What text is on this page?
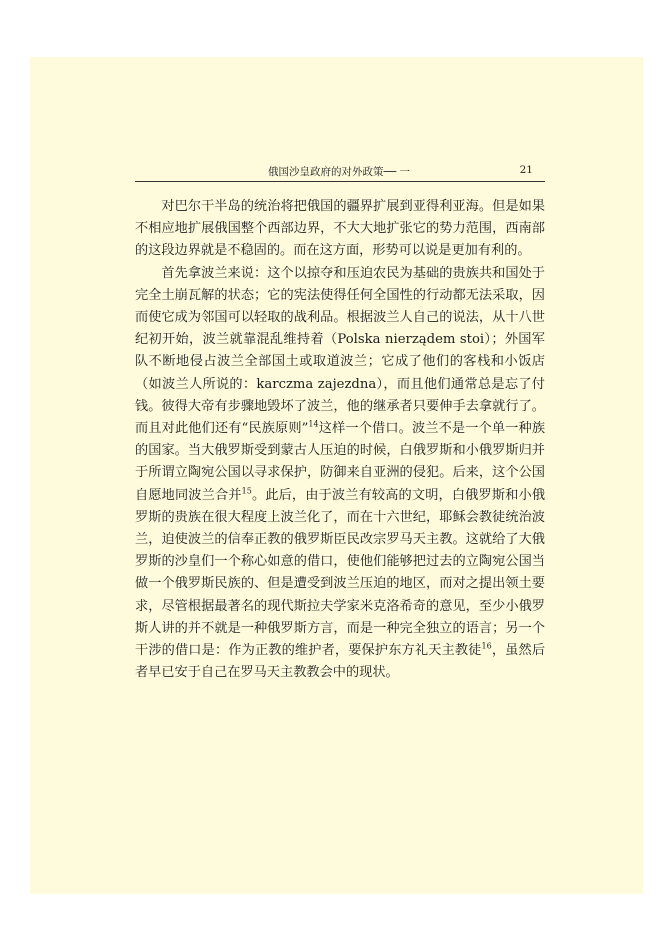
俄国沙皇政府的对外政策── 一	21

对巴尔干半岛的统治将把俄国的疆界扩展到亚得利亚海。但是如果不相应地扩展俄国整个西部边界，不大大地扩张它的势力范围，西南部的这段边界就是不稳固的。而在这方面，形势可以说是更加有利的。

首先拿波兰来说：这个以掠夺和压迫农民为基础的贵族共和国处于完全土崩瓦解的状态；它的宪法使得任何全国性的行动都无法采取，因而使它成为邻国可以轻取的战利品。根据波兰人自己的说法，从十八世纪初开始，波兰就靠混乱维持着（Polska nierządem stoi）；外国军队不断地侵占波兰全部国土或取道波兰；它成了他们的客栈和小饭店（如波兰人所说的：karczma zajezdna），而且他们通常总是忘了付钱。彼得大帝有步骤地毁坏了波兰，他的继承者只要伸手去拿就行了。而且对此他们还有“民族原则”$^{14}$这样一个借口。波兰不是一个单一种族的国家。当大俄罗斯受到蒙古人压迫的时候，白俄罗斯和小俄罗斯归并于所谓立陶宛公国以寻求保护，防御来自亚洲的侵犯。后来，这个公国自愿地同波兰合并$^{15}$。此后，由于波兰有较高的文明，白俄罗斯和小俄罗斯的贵族在很大程度上波兰化了，而在十六世纪，耶稣会教徒统治波兰，迫使波兰的信奉正教的俄罗斯臣民改宗罗马天主教。这就给了大俄罗斯的沙皇们一个称心如意的借口，使他们能够把过去的立陶宛公国当做一个俄罗斯民族的、但是遭受到波兰压迫的地区，而对之提出领土要求，尽管根据最著名的现代斯拉夫学家米克洛希奇的意见，至少小俄罗斯人讲的并不就是一种俄罗斯方言，而是一种完全独立的语言；另一个干涉的借口是：作为正教的维护者，要保护东方礼天主教徒$^{16}$，虽然后者早已安于自己在罗马天主教教会中的现状。
